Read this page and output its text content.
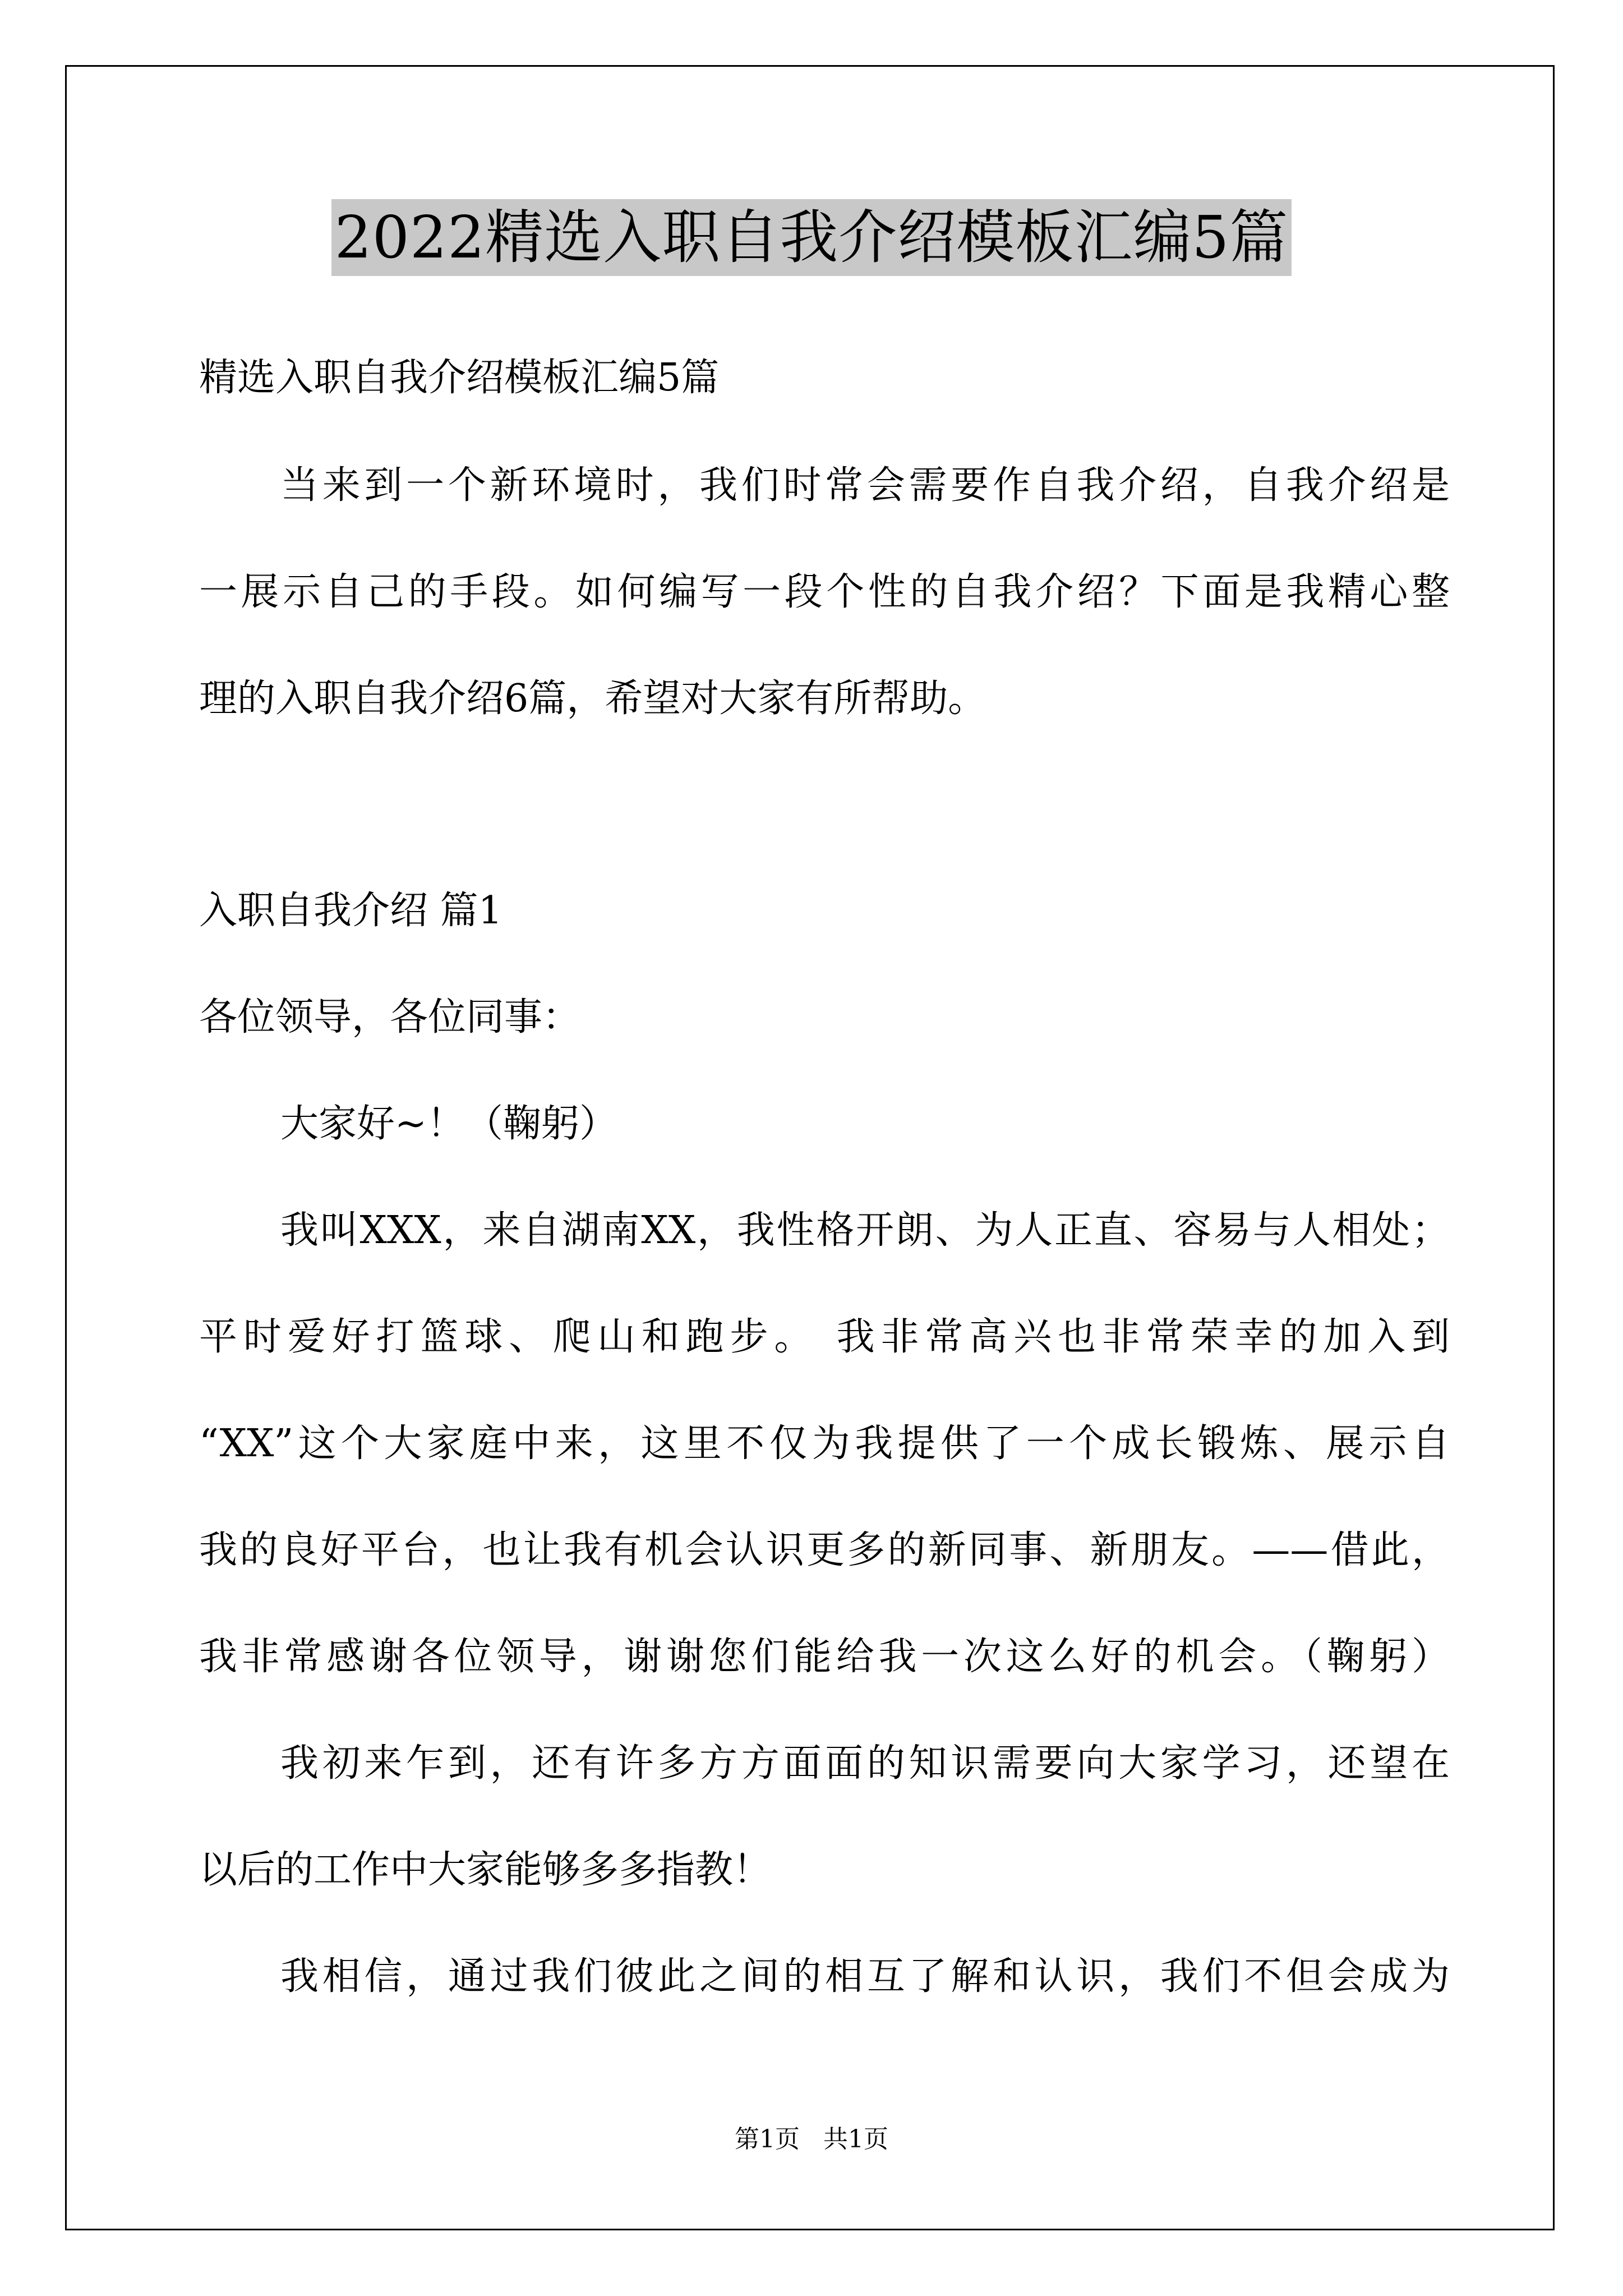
2022精选入职自我介绍模板汇编5篇
精选入职自我介绍模板汇编5篇
当来到一个新环境时，我们时常会需要作自我介绍，自我介绍是
一展示自己的手段。如何编写一段个性的自我介绍？下面是我精心整
理的入职自我介绍6篇，希望对大家有所帮助。
入职自我介绍 篇1
各位领导，各位同事：
大家好~！（鞠躬）
我叫XXX，来自湖南XX，我性格开朗、为人正直、容易与人相处；
平时爱好打篮球、爬山和跑步。 我非常高兴也非常荣幸的加入到
“XX”这个大家庭中来，这里不仅为我提供了一个成长锻炼、展示自
我的良好平台，也让我有机会认识更多的新同事、新朋友。——借此，
我非常感谢各位领导，谢谢您们能给我一次这么好的机会。（鞠躬）
我初来乍到，还有许多方方面面的知识需要向大家学习，还望在
以后的工作中大家能够多多指教！
我相信，通过我们彼此之间的相互了解和认识，我们不但会成为
第1页   共1页
